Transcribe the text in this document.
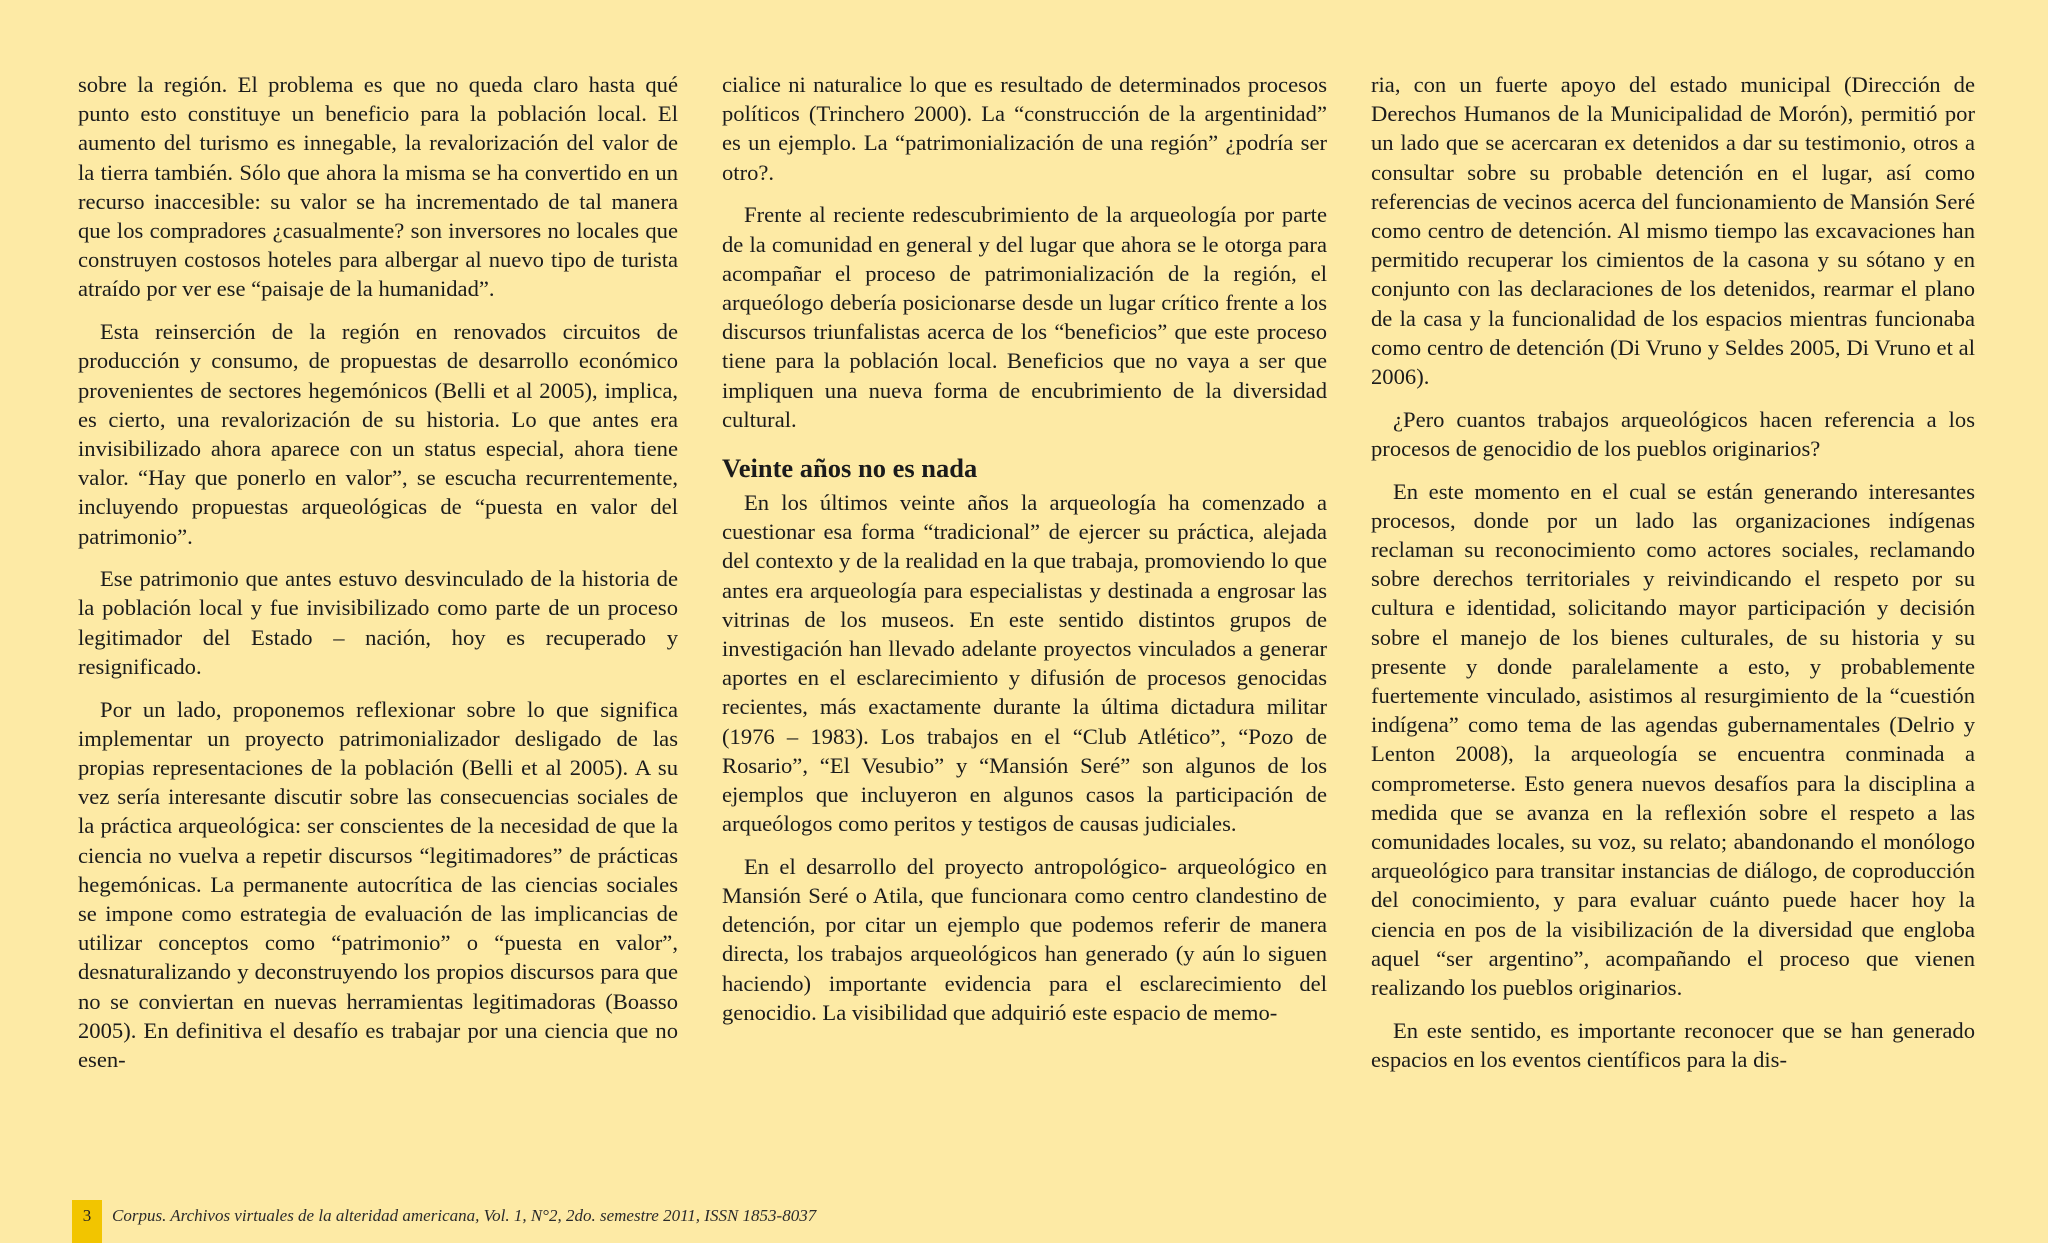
sobre la región. El problema es que no queda claro hasta qué punto esto constituye un beneficio para la población local. El aumento del turismo es innegable, la revalorización del valor de la tierra también. Sólo que ahora la misma se ha convertido en un recurso inaccesible: su valor se ha incrementado de tal manera que los compradores ¿casualmente? son inversores no locales que construyen costosos hoteles para albergar al nuevo tipo de turista atraído por ver ese “paisaje de la humanidad”.

Esta reinserción de la región en renovados circuitos de producción y consumo, de propuestas de desarrollo económico provenientes de sectores hegemónicos (Belli et al 2005), implica, es cierto, una revalorización de su historia. Lo que antes era invisibilizado ahora aparece con un status especial, ahora tiene valor. “Hay que ponerlo en valor”, se escucha recurrentemente, incluyendo propuestas arqueológicas de “puesta en valor del patrimonio”.

Ese patrimonio que antes estuvo desvinculado de la historia de la población local y fue invisibilizado como parte de un proceso legitimador del Estado – nación, hoy es recuperado y resignificado.

Por un lado, proponemos reflexionar sobre lo que significa implementar un proyecto patrimonializador desligado de las propias representaciones de la población (Belli et al 2005). A su vez sería interesante discutir sobre las consecuencias sociales de la práctica arqueológica: ser conscientes de la necesidad de que la ciencia no vuelva a repetir discursos “legitimadores” de prácticas hegemónicas. La permanente autocrítica de las ciencias sociales se impone como estrategia de evaluación de las implicancias de utilizar conceptos como “patrimonio” o “puesta en valor”, desnaturalizando y deconstruyendo los propios discursos para que no se conviertan en nuevas herramientas legitimadoras (Boasso 2005). En definitiva el desafío es trabajar por una ciencia que no esen-

cialice ni naturalice lo que es resultado de determinados procesos políticos (Trinchero 2000). La “construcción de la argentinidad” es un ejemplo. La “patrimonialización de una región” ¿podría ser otro?.

Frente al reciente redescubrimiento de la arqueología por parte de la comunidad en general y del lugar que ahora se le otorga para acompañar el proceso de patrimonialización de la región, el arqueólogo debería posicionarse desde un lugar crítico frente a los discursos triunfalistas acerca de los “beneficios” que este proceso tiene para la población local. Beneficios que no vaya a ser que impliquen una nueva forma de encubrimiento de la diversidad cultural.

Veinte años no es nada

En los últimos veinte años la arqueología ha comenzado a cuestionar esa forma “tradicional” de ejercer su práctica, alejada del contexto y de la realidad en la que trabaja, promoviendo lo que antes era arqueología para especialistas y destinada a engrosar las vitrinas de los museos. En este sentido distintos grupos de investigación han llevado adelante proyectos vinculados a generar aportes en el esclarecimiento y difusión de procesos genocidas recientes, más exactamente durante la última dictadura militar (1976 – 1983). Los trabajos en el “Club Atlético”, “Pozo de Rosario”, “El Vesubio” y “Mansión Seré” son algunos de los ejemplos que incluyeron en algunos casos la participación de arqueólogos como peritos y testigos de causas judiciales.

En el desarrollo del proyecto antropológico- arqueológico en Mansión Seré o Atila, que funcionara como centro clandestino de detención, por citar un ejemplo que podemos referir de manera directa, los trabajos arqueológicos han generado (y aún lo siguen haciendo) importante evidencia para el esclarecimiento del genocidio. La visibilidad que adquirió este espacio de memo-

ria, con un fuerte apoyo del estado municipal (Dirección de Derechos Humanos de la Municipalidad de Morón), permitió por un lado que se acercaran ex detenidos a dar su testimonio, otros a consultar sobre su probable detención en el lugar, así como referencias de vecinos acerca del funcionamiento de Mansión Seré como centro de detención. Al mismo tiempo las excavaciones han permitido recuperar los cimientos de la casona y su sótano y en conjunto con las declaraciones de los detenidos, rearmar el plano de la casa y la funcionalidad de los espacios mientras funcionaba como centro de detención (Di Vruno y Seldes 2005, Di Vruno et al 2006).

¿Pero cuantos trabajos arqueológicos hacen referencia a los procesos de genocidio de los pueblos originarios?

En este momento en el cual se están generando interesantes procesos, donde por un lado las organizaciones indígenas reclaman su reconocimiento como actores sociales, reclamando sobre derechos territoriales y reivindicando el respeto por su cultura e identidad, solicitando mayor participación y decisión sobre el manejo de los bienes culturales, de su historia y su presente y donde paralelamente a esto, y probablemente fuertemente vinculado, asistimos al resurgimiento de la “cuestión indígena” como tema de las agendas gubernamentales (Delrio y Lenton 2008), la arqueología se encuentra conminada a comprometerse. Esto genera nuevos desafíos para la disciplina a medida que se avanza en la reflexión sobre el respeto a las comunidades locales, su voz, su relato; abandonando el monólogo arqueológico para transitar instancias de diálogo, de coproducción del conocimiento, y para evaluar cuánto puede hacer hoy la ciencia en pos de la visibilización de la diversidad que engloba aquel “ser argentino”, acompañando el proceso que vienen realizando los pueblos originarios.

En este sentido, es importante reconocer que se han generado espacios en los eventos científicos para la dis-

3	Corpus. Archivos virtuales de la alteridad americana, Vol. 1, N°2, 2do. semestre 2011, ISSN 1853-8037
